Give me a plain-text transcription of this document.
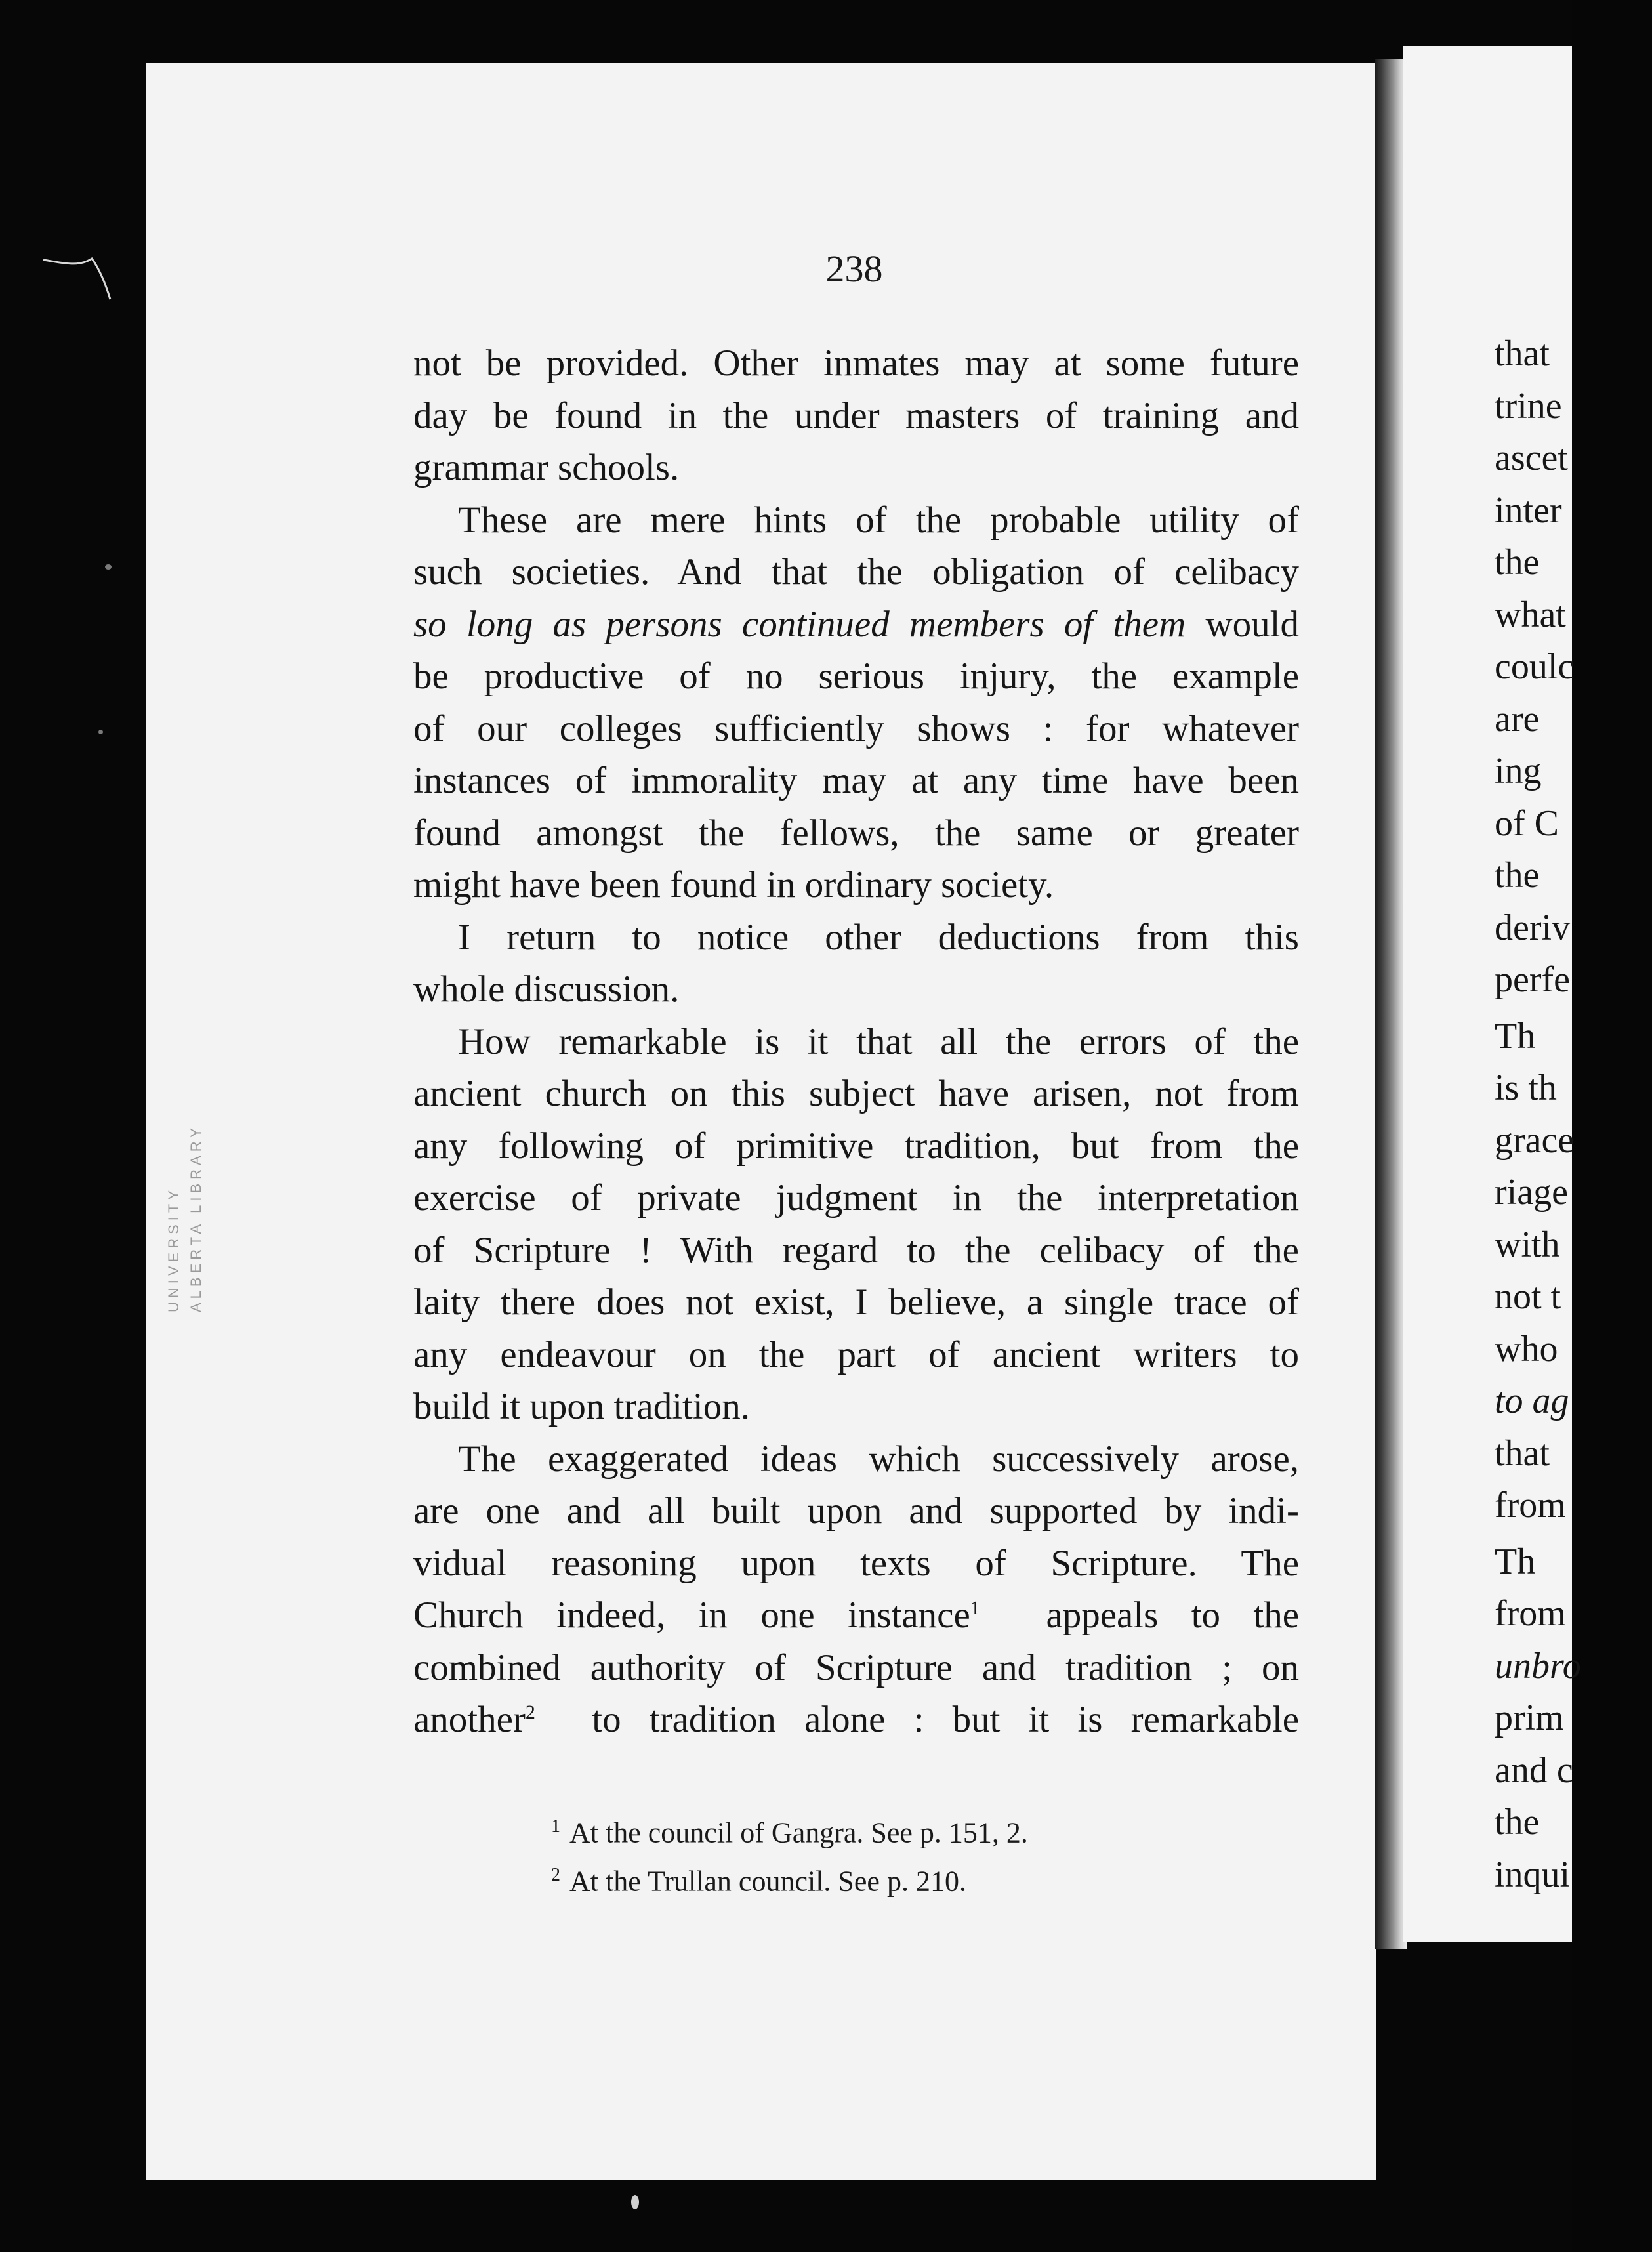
UNIVERSITY ALBERTA LIBRARY
238
not be provided. Other inmates may at some future
day be found in the under masters of training and
grammar schools.
These are mere hints of the probable utility of
such societies. And that the obligation of celibacy
so long as persons continued members of them would
be productive of no serious injury, the example
of our colleges sufficiently shows : for whatever
instances of immorality may at any time have been
found amongst the fellows, the same or greater
might have been found in ordinary society.
I return to notice other deductions from this
whole discussion.
How remarkable is it that all the errors of the
ancient church on this subject have arisen, not from
any following of primitive tradition, but from the
exercise of private judgment in the interpretation
of Scripture ! With regard to the celibacy of the
laity there does not exist, I believe, a single trace of
any endeavour on the part of ancient writers to
build it upon tradition.
The exaggerated ideas which successively arose,
are one and all built upon and supported by indi-
vidual reasoning upon texts of Scripture. The
Church indeed, in one instance$^1$ appeals to the
combined authority of Scripture and tradition ; on
another$^2$ to tradition alone : but it is remarkable
$^1$ At the council of Gangra. See p. 151, 2.
$^2$ At the Trullan council. See p. 210.
that
trine
ascet
inter
the
what
coulc
are
ing
of C
the
deriv
perfe
Th
is th
grace
riage
with
not t
who
to ag
that
from
Th
from
unbro
prim
and c
the
inqui
